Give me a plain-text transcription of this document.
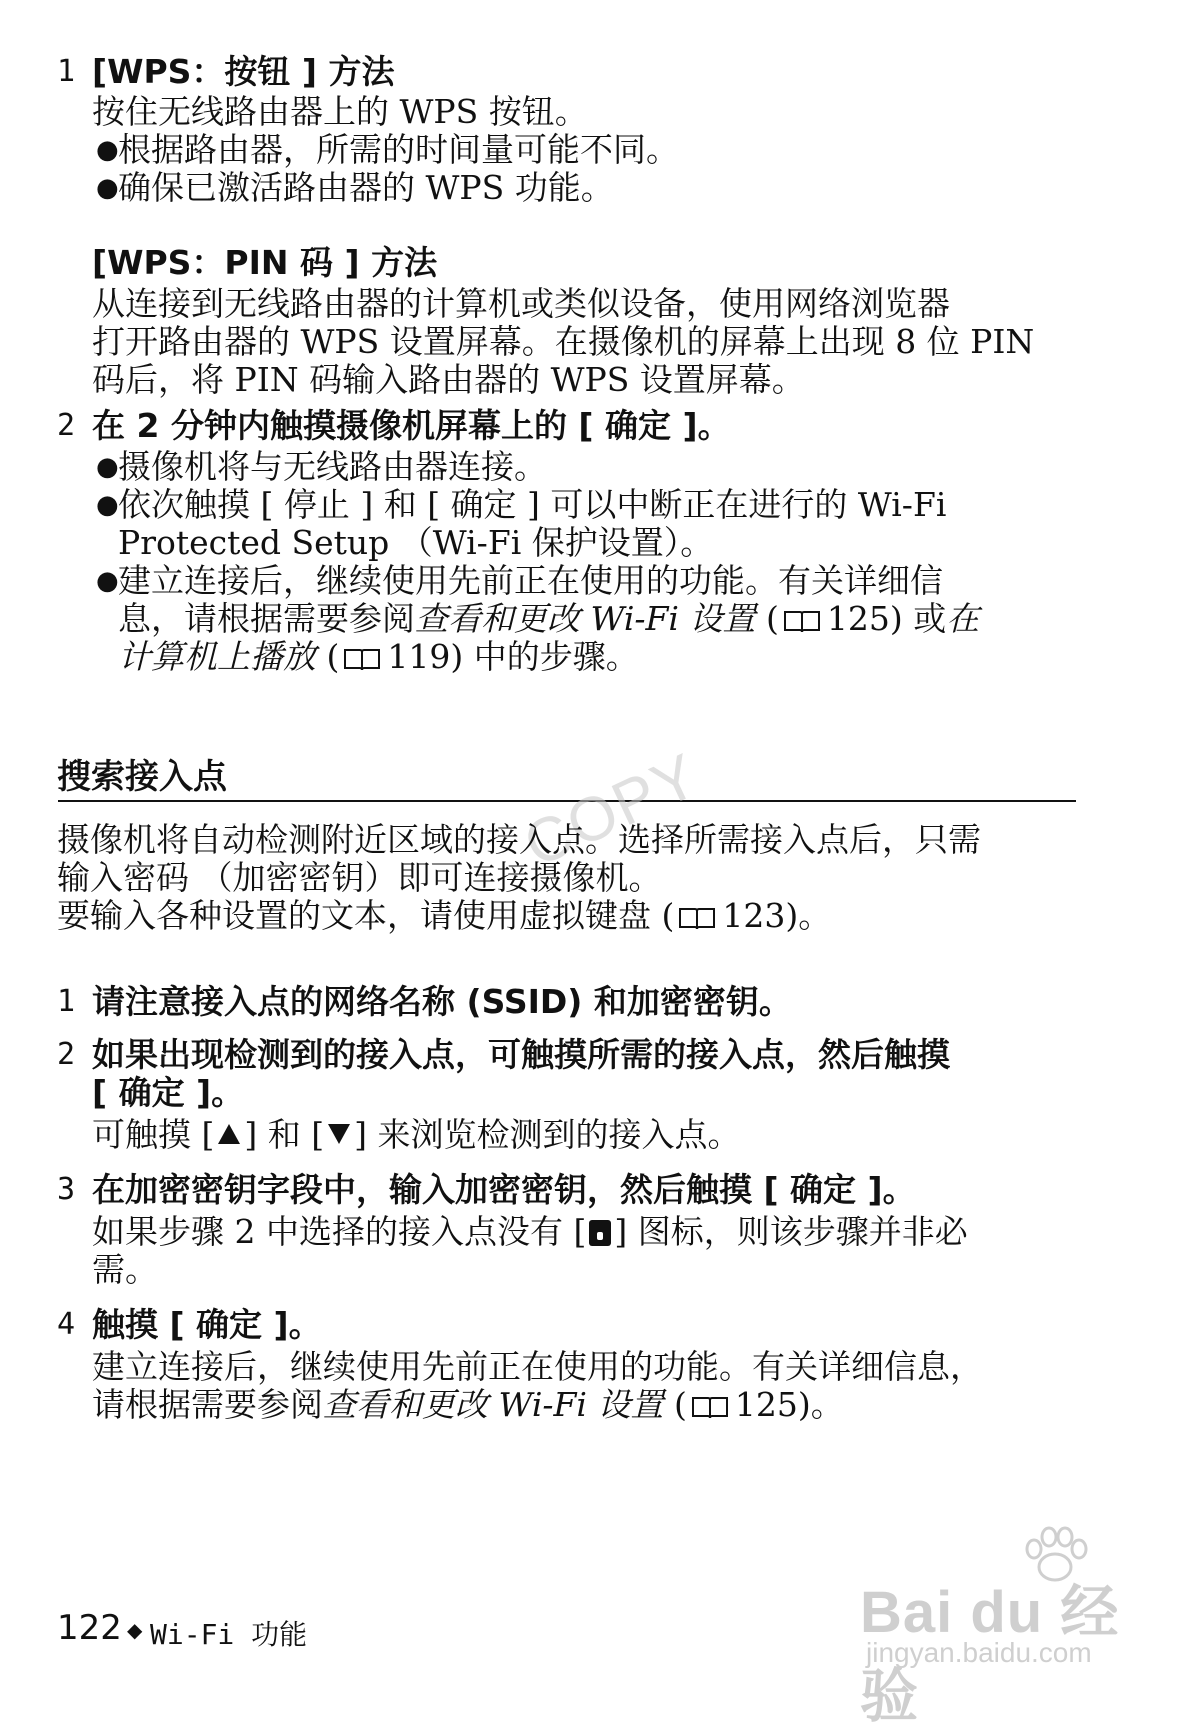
1 [WPS：按钮 ] 方法
按住无线路由器上的 WPS 按钮。
● 根据路由器，所需的时间量可能不同。
● 确保已激活路由器的 WPS 功能。
[WPS：PIN 码 ] 方法
从连接到无线路由器的计算机或类似设备，使用网络浏览器
打开路由器的 WPS 设置屏幕。在摄像机的屏幕上出现 8 位 PIN
码后，将 PIN 码输入路由器的 WPS 设置屏幕。
2 在 2 分钟内触摸摄像机屏幕上的 [ 确定 ]。
● 摄像机将与无线路由器连接。
● 依次触摸 [ 停止 ] 和 [ 确定 ] 可以中断正在进行的 Wi-Fi
Protected Setup （Wi-Fi 保护设置）。
● 建立连接后，继续使用先前正在使用的功能。有关详细信
息，请根据需要参阅查看和更改 Wi-Fi 设置 ( 125) 或在
计算机上播放 ( 119) 中的步骤。
搜索接入点	COPY
摄像机将自动检测附近区域的接入点。选择所需接入点后，只需
输入密码 （加密密钥）即可连接摄像机。
要输入各种设置的文本，请使用虚拟键盘 ( 123)。
1 请注意接入点的网络名称 (SSID) 和加密密钥。
2 如果出现检测到的接入点，可触摸所需的接入点，然后触摸
[ 确定 ]。
可触摸 [ ] 和 [ ] 来浏览检测到的接入点。
3 在加密密钥字段中，输入加密密钥，然后触摸 [ 确定 ]。
如果步骤 2 中选择的接入点没有 [ ] 图标，则该步骤并非必
需。
4 触摸 [ 确定 ]。
建立连接后，继续使用先前正在使用的功能。有关详细信息，
请根据需要参阅查看和更改 Wi-Fi 设置 ( 125)。
122 ◆ Wi-Fi 功能	Bai du 经验
jingyan.baidu.com
